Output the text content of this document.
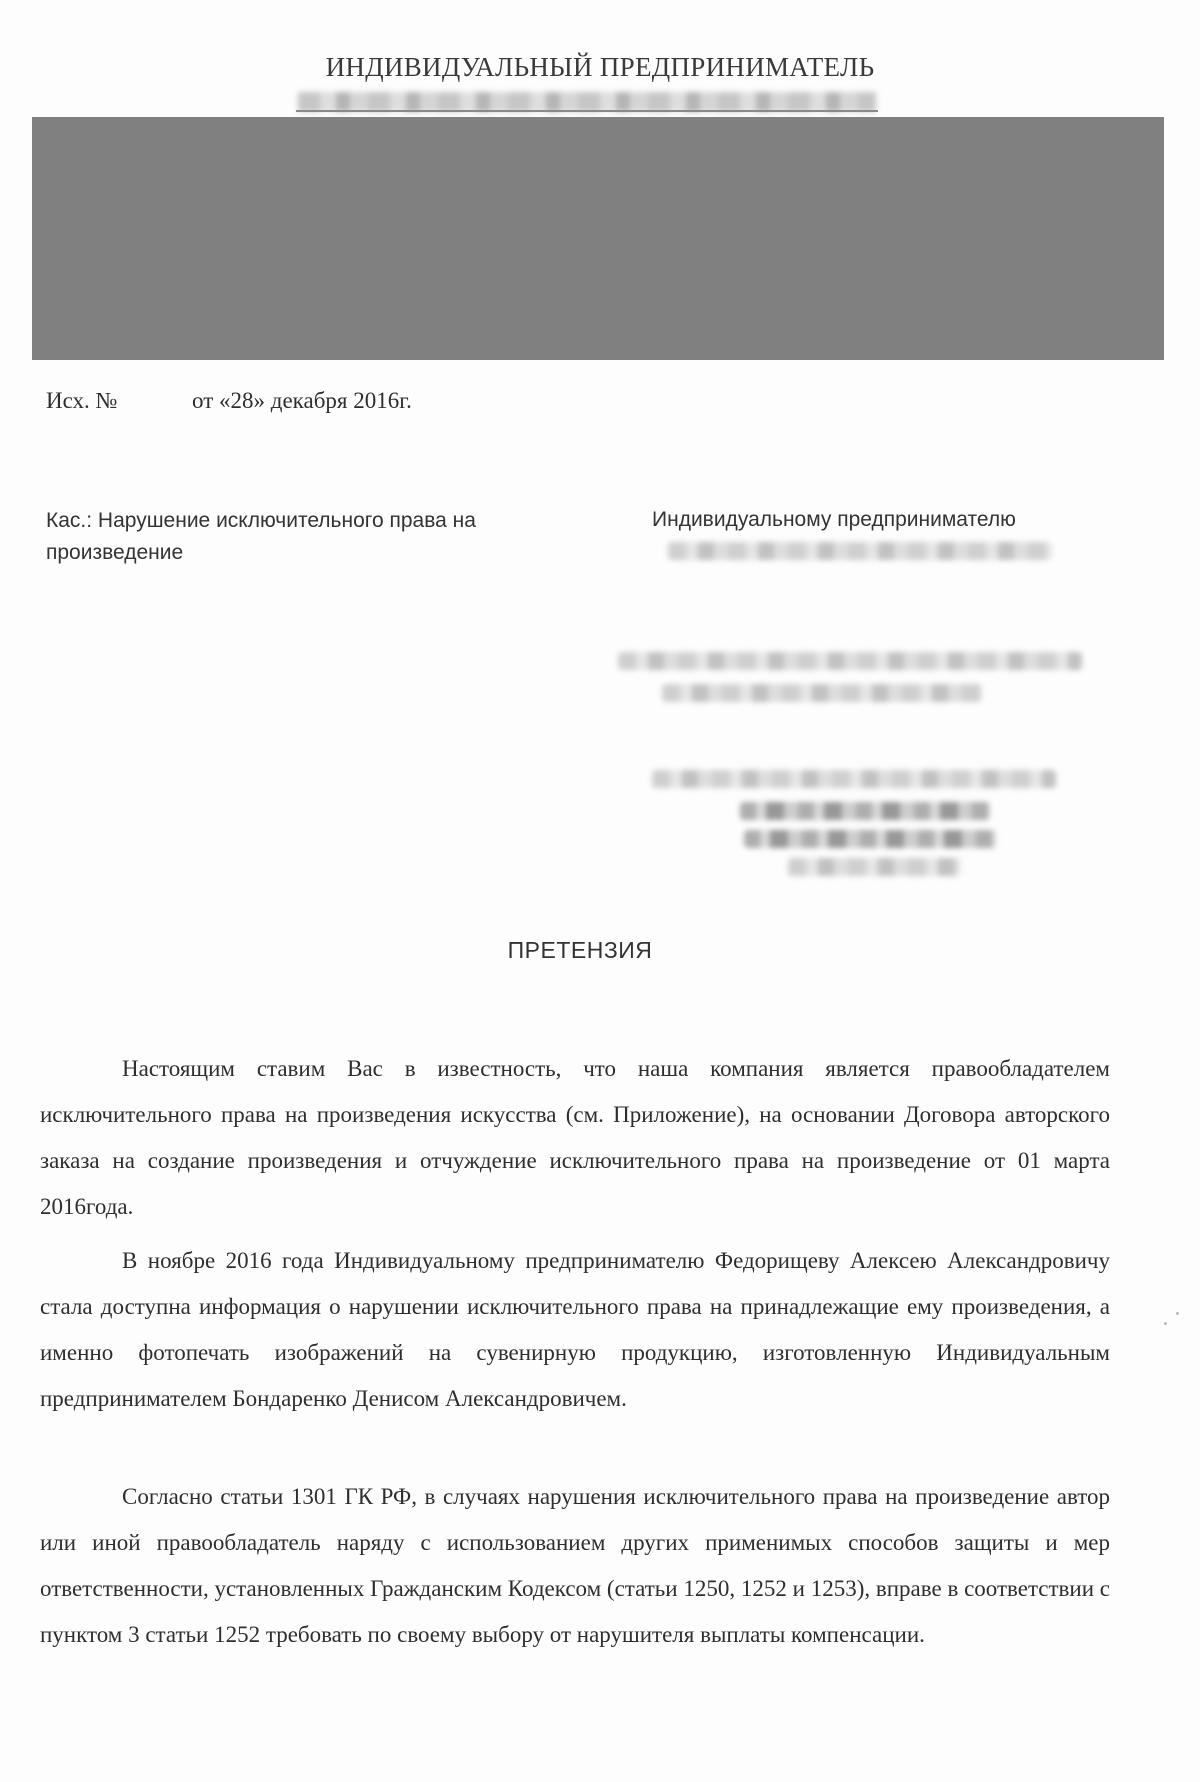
ИНДИВИДУАЛЬНЫЙ ПРЕДПРИНИМАТЕЛЬ
Исх. №	от «28» декабря 2016г.
Кас.: Нарушение исключительного права на произведение
Индивидуальному предпринимателю
ПРЕТЕНЗИЯ
Настоящим ставим Вас в известность, что наша компания является правообладателем исключительного права на произведения искусства (см. Приложение), на основании Договора авторского заказа на создание произведения и отчуждение исключительного права на произведение от 01 марта 2016года.
В ноябре 2016 года Индивидуальному предпринимателю Федорищеву Алексею Александровичу стала доступна информация о нарушении исключительного права на принадлежащие ему произведения, а именно фотопечать изображений на сувенирную продукцию, изготовленную Индивидуальным предпринимателем Бондаренко Денисом Александровичем.
Согласно статьи 1301 ГК РФ, в случаях нарушения исключительного права на произведение автор или иной правообладатель наряду с использованием других применимых способов защиты и мер ответственности, установленных Гражданским Кодексом (статьи 1250, 1252 и 1253), вправе в соответствии с пунктом 3 статьи 1252 требовать по своему выбору от нарушителя выплаты компенсации.
